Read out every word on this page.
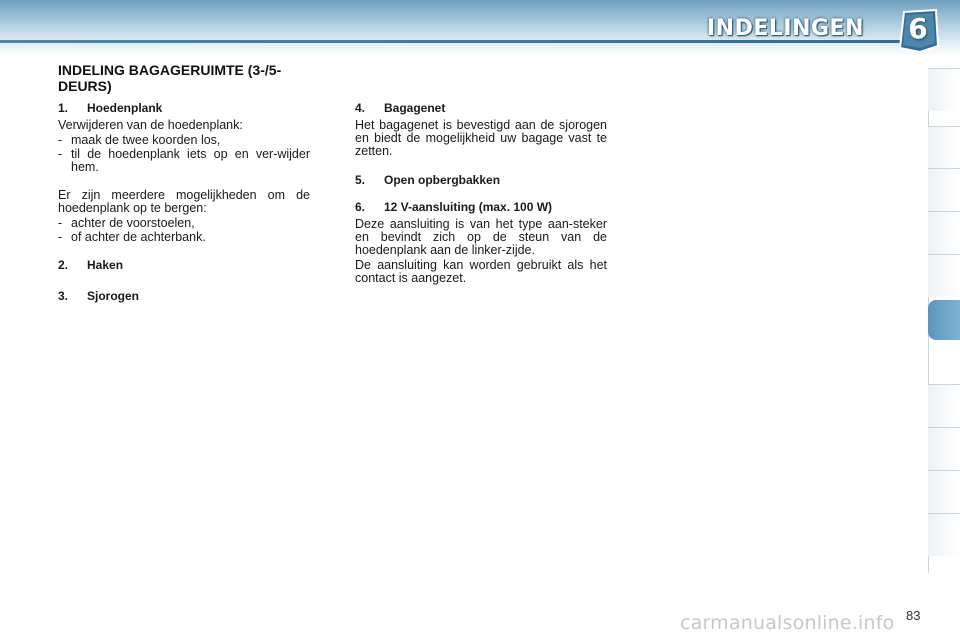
INDELINGEN	6
INDELING BAGAGERUIMTE (3-/5-DEURS)
1.	Hoedenplank

Verwijderen van de hoedenplank:

- maak de twee koorden los,
- til de hoedenplank iets op en ver-wijder hem.

Er zijn meerdere mogelijkheden om de hoedenplank op te bergen:

- achter de voorstoelen,
- of achter de achterbank.
2.	Haken
3.	Sjorogen
4.	Bagagenet

Het bagagenet is bevestigd aan de sjorogen en biedt de mogelijkheid uw bagage vast te zetten.

5.	Open opbergbakken
6.	12 V-aansluiting (max. 100 W)

Deze aansluiting is van het type aan-steker en bevindt zich op de steun van de hoedenplank aan de linker-zijde.

De aansluiting kan worden gebruikt als het contact is aangezet.

carmanualsonline.info 83
